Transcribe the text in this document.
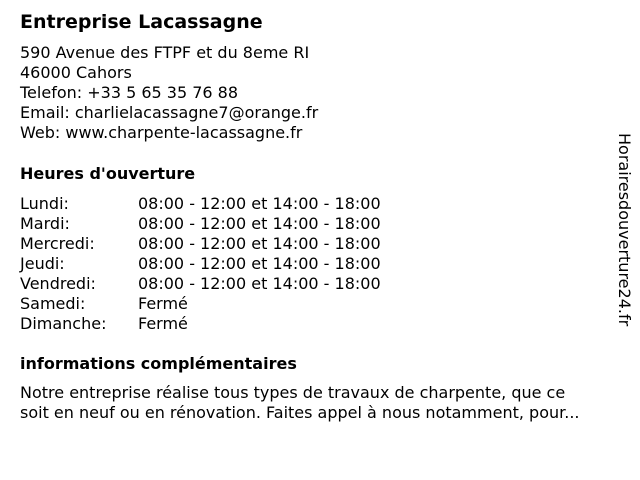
Entreprise Lacassagne
590 Avenue des FTPF et du 8eme RI
46000 Cahors
Telefon: +33 5 65 35 76 88
Email: charlielacassagne7@orange.fr
Web: www.charpente-lacassagne.fr
Heures d'ouverture
Lundi:	08:00 - 12:00 et 14:00 - 18:00
Mardi:	08:00 - 12:00 et 14:00 - 18:00
Mercredi:	08:00 - 12:00 et 14:00 - 18:00
Jeudi:	08:00 - 12:00 et 14:00 - 18:00
Vendredi:	08:00 - 12:00 et 14:00 - 18:00
Samedi:	Fermé
Dimanche: Fermé
informations complémentaires
Notre entreprise réalise tous types de travaux de charpente, que ce
soit en neuf ou en rénovation. Faites appel à nous notamment, pour...
Horairesdouverture24.fr
